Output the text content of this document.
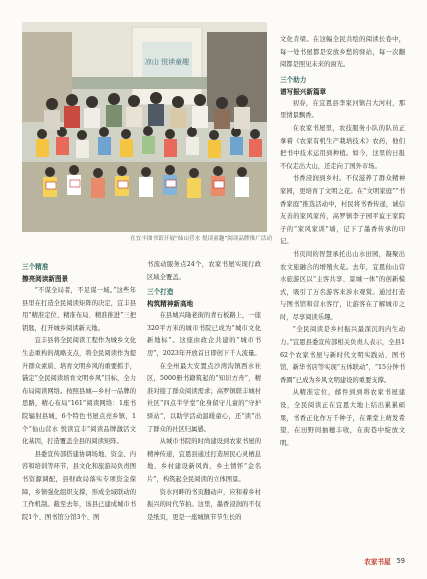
凉山 悦读童趣
在宜丰图书馆开展“仙山营水 悦读童趣”阅读品牌推广活动
三个精准
擦亮阅读新图景

“不谋全局者，不足谋一域。”这些年县里在打造全民阅读矩阵的决定，宜丰县用“精准定位、精准布局、精准推进”三把钥匙，打开城乡阅读新天地。

宜丰县将全民阅读工程作为城乡文化生态重构的战略支点，将全民阅读作为提升群众素质、培育文明乡风的重要抓手，锚定“全民阅读培育文明乡风”目标，全力布局阅读网络。按照县城—乡村一品牌的思路，精心布局“161”阅读网络：1座书院辐射县城，6个特色书屋点亮乡镇，1个“仙山营水 悦读宜丰”阅读品牌激活文化基因，打造覆盖全县的阅读矩阵。

县委宣传部搭建协调场地、资金、内容和培训等环节，县文化和旅游局负责图书资源调配，县财政局落实专项资金保障，乡镇强化组织支撑，形成全域联动的工作机制。截至去年，该县已建成城市书院1个、图书馆分馆3个、图

书流动服务点24个，农家书屋实现行政区域全覆盖。

三个打造
构筑精神新高地

在县城兴隆老街的青石板路上，一座320平方米的城市书院已成为“城市文化新地标”。这座由政企共建的“城市书房”，2023年开放首日即创下千人流量。

在全州最大安置点沙湾沟镇西水社区，5000册书籍筑起的“知识方舟”，精准对接了群众阅读需求；高罗镇联丰城村社区“四点半学堂”化身留守儿童的“守护驿站”，以助学活动温暖童心，还“读”出了群众的社区归属感。

从城市书院的时尚建设到农家书屋的精神传递，宜恩县通过打造居民心灵栖息地、乡村建设新风尚、乡土情怀“金名片”，构筑起全民阅读的立体图景。

资水河畔的书页翻动声，应和着乡村振兴的时代节拍。这里，墨香浸润的不仅是纸页，更是一座城镇节节生长的

文化肯梁。在这幅全民共绘的阅读长卷中，每一处书屋都是安放乡愁的驿站，每一次翻阅都是照见未来的窗光。

三个助力
谱写振兴新篇章

初春，在宜恩县李家河镇吕大河村，那里情景飘香。

在农家书屋里，农技服务小队的队员正拿着《农家有机生产栽培技术》农药，他们把书中技术运用到种植。如今，这里的日报不仅走出大山，还走向了国外市场。

书香浸润到乡村。不仅滋养了群众精神家园，更培育了文明之花。在“文明家庭”“书香家庭”推选活动中，村民将书香传递，诚信友善的家风家传，高罗镇李子园平谊王家院子的“家风家训”墙，记下了墨香传承的印记。

书页间的智慧承托出山水田园，凝聚出农文旅融合的增殖火花。去年，宜恩仙山营水旅游区以“主客共享、景城一体”的创新模式，吸引了万名游客来涉水观赏。通过打造与图书馆和营水客厅，让游客在了解城市之时，尽享阅读乐趣。

“全民阅读是乡村振兴最深沉的内生动力。”宜恩县委宣传部相关负责人表示，全县162个农家书屋与新时代文明实践站、图书馆、新华书店等实现“五体联动”，“15分钟书香圈”已成为乡风文明建设的重要支撑。

从精准定位，邮件到到将农家书屋建设，全民阅读正在宜恩大地上结出累累硕果，书香正化作万千种子，在课堂上萌发希望，在田野间抽穗丰收，在街巷中绽放文明。

农家书屋 59
